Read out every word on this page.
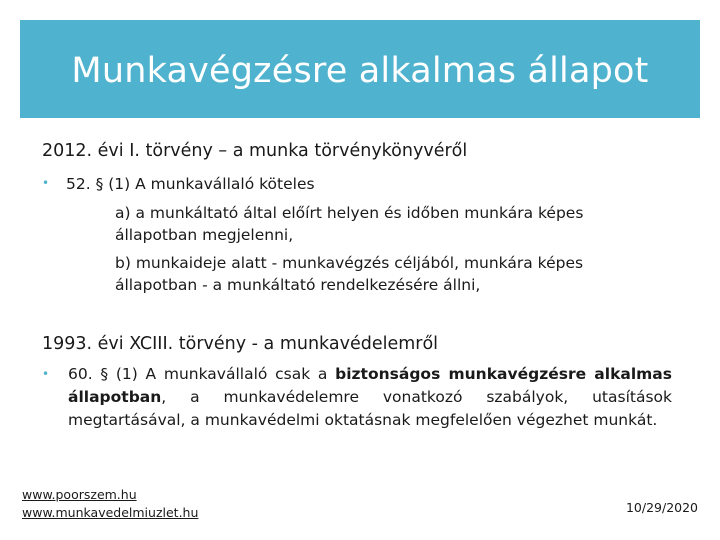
Munkavégzésre alkalmas állapot
2012. évi I. törvény – a munka törvénykönyvéről
• 52. § (1) A munkavállaló köteles
a) a munkáltató által előírt helyen és időben munkára képes
állapotban megjelenni,
b) munkaideje alatt - munkavégzés céljából, munkára képes
állapotban - a munkáltató rendelkezésére állni,
1993. évi XCIII. törvény - a munkavédelemről
• 60. § (1) A munkavállaló csak a biztonságos munkavégzésre alkalmas állapotban, a munkavédelemre vonatkozó szabályok, utasítások megtartásával, a munkavédelmi oktatásnak megfelelően végezhet munkát.
www.poorszem.hu
www.munkavedelmiuzlet.hu	10/29/2020
